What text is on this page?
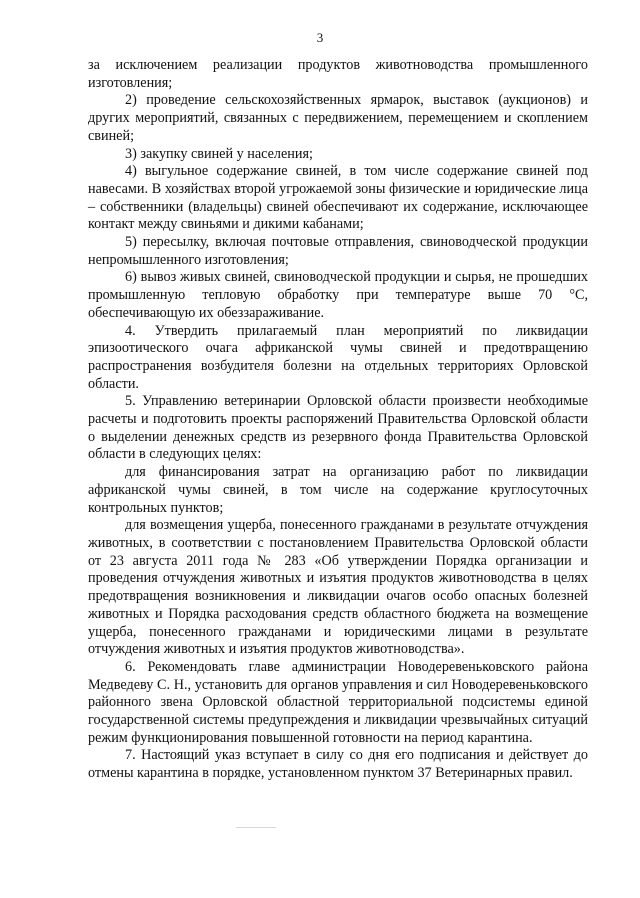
3

за исключением реализации продуктов животноводства промышленного изготовления;

2) проведение сельскохозяйственных ярмарок, выставок (аукционов) и других мероприятий, связанных с передвижением, перемещением и скоплением свиней;

3) закупку свиней у населения;

4) выгульное содержание свиней, в том числе содержание свиней под навесами. В хозяйствах второй угрожаемой зоны физические и юридические лица – собственники (владельцы) свиней обеспечивают их содержание, исключающее контакт между свиньями и дикими кабанами;

5) пересылку, включая почтовые отправления, свиноводческой продукции непромышленного изготовления;

6) вывоз живых свиней, свиноводческой продукции и сырья, не прошедших промышленную тепловую обработку при температуре выше 70 °С, обеспечивающую их обеззараживание.

4. Утвердить прилагаемый план мероприятий по ликвидации эпизоотического очага африканской чумы свиней и предотвращению распространения возбудителя болезни на отдельных территориях Орловской области.

5. Управлению ветеринарии Орловской области произвести необходимые расчеты и подготовить проекты распоряжений Правительства Орловской области о выделении денежных средств из резервного фонда Правительства Орловской области в следующих целях:

для финансирования затрат на организацию работ по ликвидации африканской чумы свиней, в том числе на содержание круглосуточных контрольных пунктов;

для возмещения ущерба, понесенного гражданами в результате отчуждения животных, в соответствии с постановлением Правительства Орловской области от 23 августа 2011 года № 283 «Об утверждении Порядка организации и проведения отчуждения животных и изъятия продуктов животноводства в целях предотвращения возникновения и ликвидации очагов особо опасных болезней животных и Порядка расходования средств областного бюджета на возмещение ущерба, понесенного гражданами и юридическими лицами в результате отчуждения животных и изъятия продуктов животноводства».

6. Рекомендовать главе администрации Новодеревеньковского района Медведеву С. Н., установить для органов управления и сил Новодеревеньковского районного звена Орловской областной территориальной подсистемы единой государственной системы предупреждения и ликвидации чрезвычайных ситуаций режим функционирования повышенной готовности на период карантина.

7. Настоящий указ вступает в силу со дня его подписания и действует до отмены карантина в порядке, установленном пунктом 37 Ветеринарных правил.
